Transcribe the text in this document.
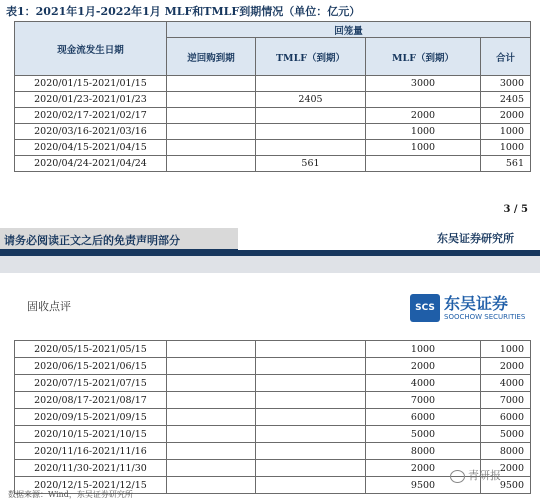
表1：2021年1月-2022年1月 MLF和TMLF到期情况（单位：亿元）
现金流发生日期	回笼量			
	逆回购到期	TMLF（到期）	MLF（到期）	合计
2020/01/15-2021/01/15			3000	3000
2020/01/23-2021/01/23		2405		2405
2020/02/17-2021/02/17			2000	2000
2020/03/16-2021/03/16			1000	1000
2020/04/15-2021/04/15			1000	1000
2020/04/24-2021/04/24		561		561
3 / 5
请务必阅读正文之后的免责声明部分	东吴证券研究所
固收点评	SCS 东吴证券
SOOCHOW SECURITIES
2020/05/15-2021/05/15			1000	1000
2020/06/15-2021/06/15			2000	2000
2020/07/15-2021/07/15			4000	4000
2020/08/17-2021/08/17			7000	7000
2020/09/15-2021/09/15			6000	6000
2020/10/15-2021/10/15			5000	5000
2020/11/16-2021/11/16			8000	8000
2020/11/30-2021/11/30			2000	2000
2020/12/15-2021/12/15			9500	9500
青研报
数据来源：Wind，东吴证券研究所
